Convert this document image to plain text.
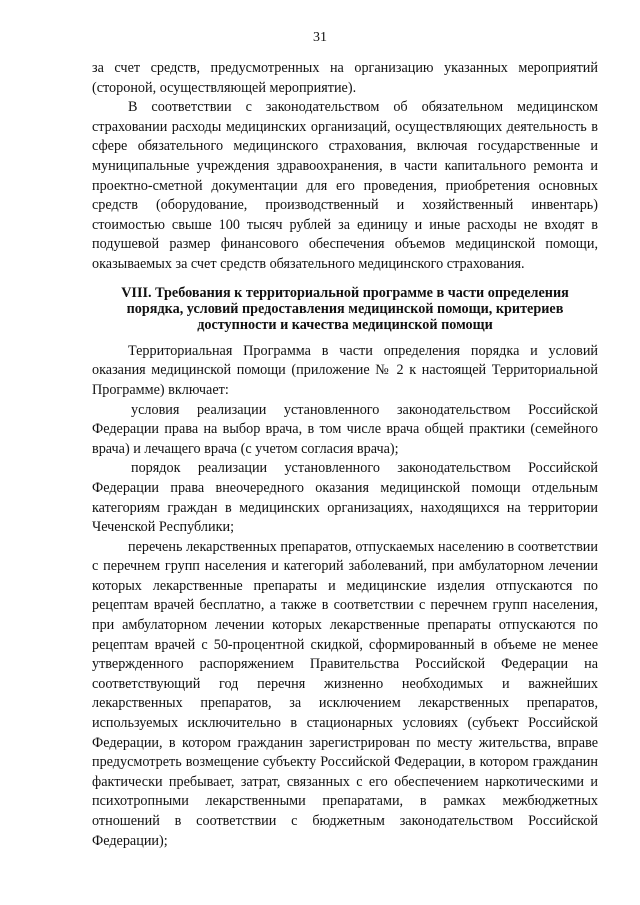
31

за счет средств, предусмотренных на организацию указанных мероприятий (стороной, осуществляющей мероприятие).

В соответствии с законодательством об обязательном медицинском страховании расходы медицинских организаций, осуществляющих деятельность в сфере обязательного медицинского страхования, включая государственные и муниципальные учреждения здравоохранения, в части капитального ремонта и проектно-сметной документации для его проведения, приобретения основных средств (оборудование, производственный и хозяйственный инвентарь) стоимостью свыше 100 тысяч рублей за единицу и иные расходы не входят в подушевой размер финансового обеспечения объемов медицинской помощи, оказываемых за счет средств обязательного медицинского страхования.

VIII. Требования к территориальной программе в части определения порядка, условий предоставления медицинской помощи, критериев доступности и качества медицинской помощи

Территориальная Программа в части определения порядка и условий оказания медицинской помощи (приложение № 2 к настоящей Территориальной Программе) включает:

условия реализации установленного законодательством Российской Федерации права на выбор врача, в том числе врача общей практики (семейного врача) и лечащего врача (с учетом согласия врача);

порядок реализации установленного законодательством Российской Федерации права внеочередного оказания медицинской помощи отдельным категориям граждан в медицинских организациях, находящихся на территории Чеченской Республики;

перечень лекарственных препаратов, отпускаемых населению в соответствии с перечнем групп населения и категорий заболеваний, при амбулаторном лечении которых лекарственные препараты и медицинские изделия отпускаются по рецептам врачей бесплатно, а также в соответствии с перечнем групп населения, при амбулаторном лечении которых лекарственные препараты отпускаются по рецептам врачей с 50-процентной скидкой, сформированный в объеме не менее утвержденного распоряжением Правительства Российской Федерации на соответствующий год перечня жизненно необходимых и важнейших лекарственных препаратов, за исключением лекарственных препаратов, используемых исключительно в стационарных условиях (субъект Российской Федерации, в котором гражданин зарегистрирован по месту жительства, вправе предусмотреть возмещение субъекту Российской Федерации, в котором гражданин фактически пребывает, затрат, связанных с его обеспечением наркотическими и психотропными лекарственными препаратами, в рамках межбюджетных отношений в соответствии с бюджетным законодательством Российской Федерации);
